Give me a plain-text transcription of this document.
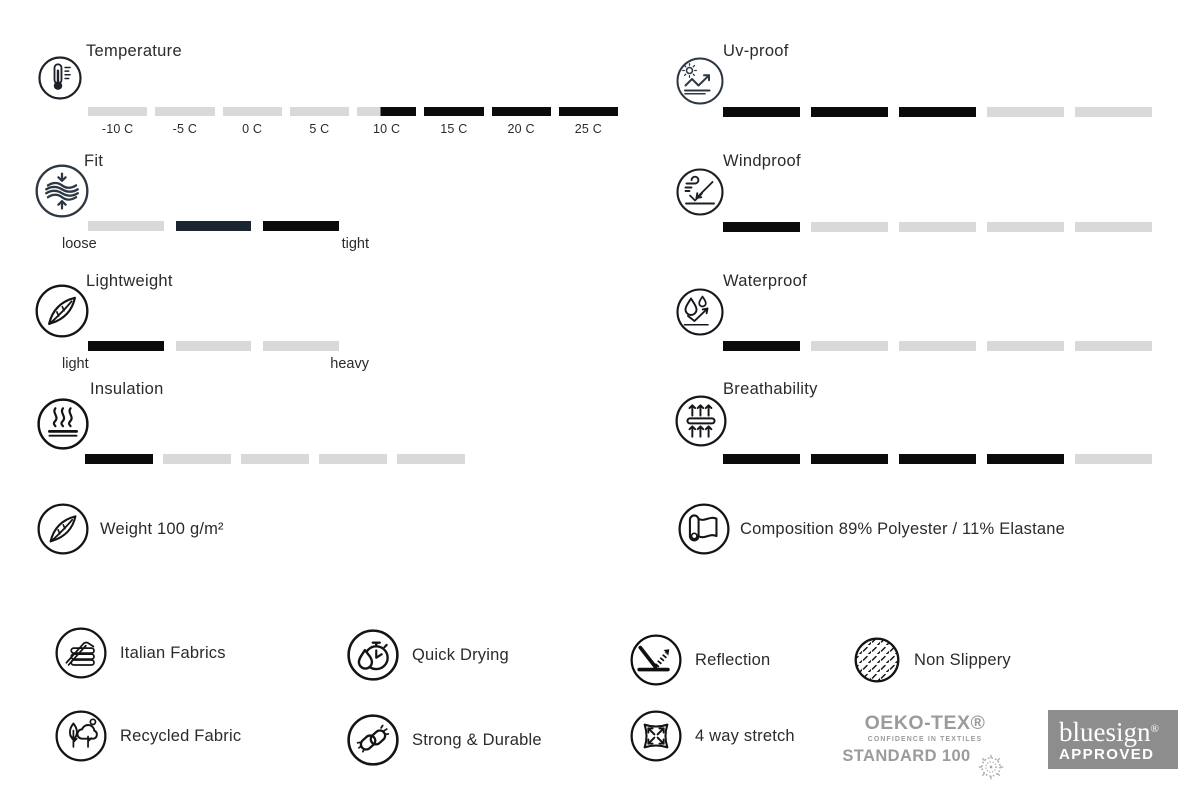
Temperature
-10 C	-5 C	0 C	5 C	10 C	15 C	20 C	25 C
Fit
loose	tight
Lightweight
light	heavy
Insulation
Weight 100 g/m²
Uv-proof
Windproof
Waterproof
Breathability
Composition 89% Polyester / 11% Elastane
Italian Fabrics	Quick Drying	Reflection	Non Slippery
Recycled Fabric	Strong & Durable	4 way stretch
OEKO-TEX®
CONFIDENCE IN TEXTILES
STANDARD 100
bluesign®
APPROVED
